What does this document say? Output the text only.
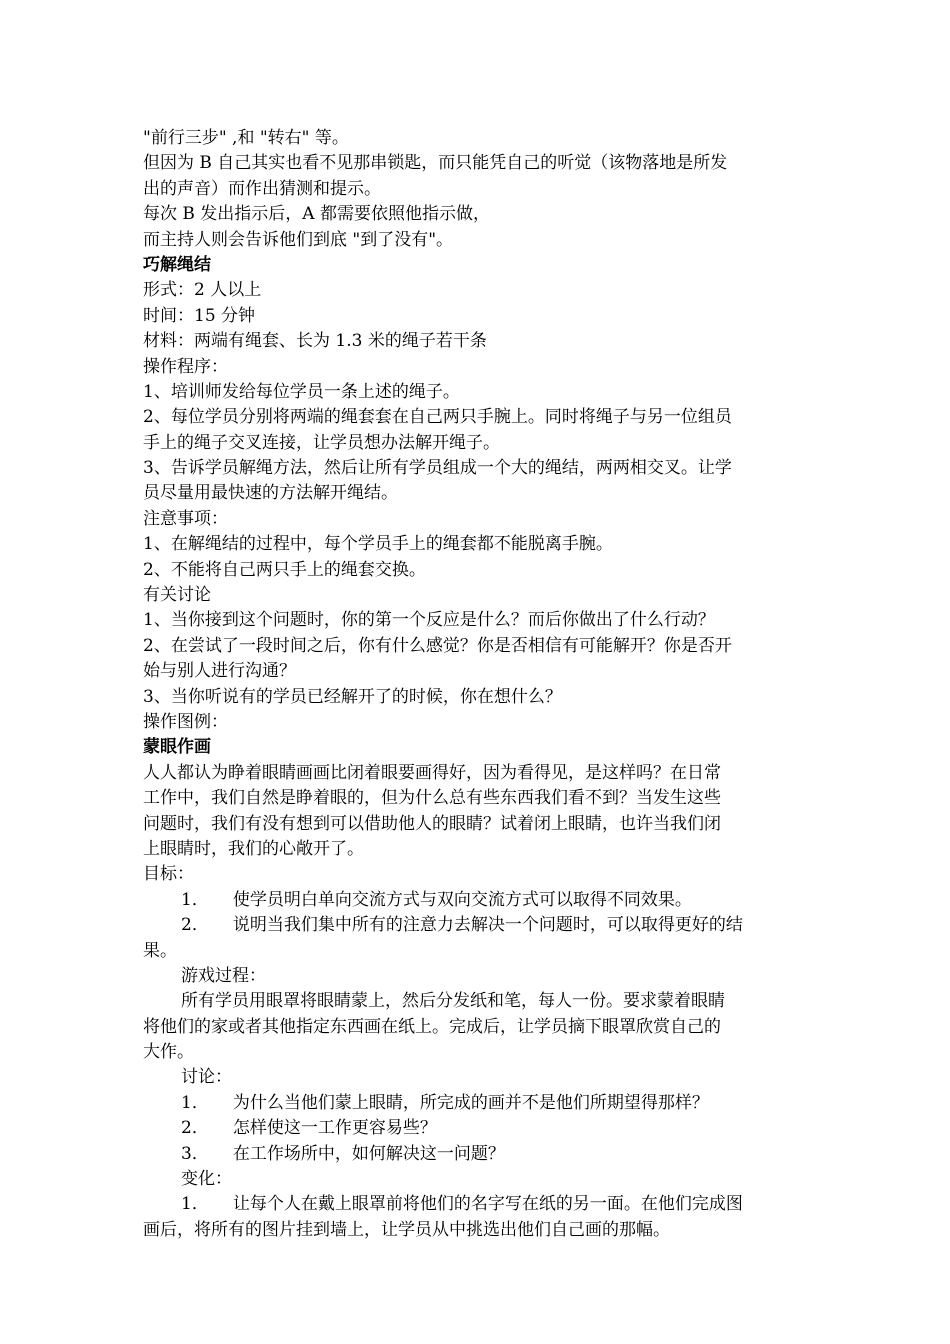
"前行三步" ,和 "转右" 等。
但因为 B 自己其实也看不见那串锁匙，而只能凭自己的听觉（该物落地是所发
出的声音）而作出猜测和提示。
每次 B 发出指示后，A 都需要依照他指示做，
而主持人则会告诉他们到底 "到了没有"。
巧解绳结
形式：2 人以上
时间：15 分钟
材料：两端有绳套、长为 1.3 米的绳子若干条
操作程序：
1、培训师发给每位学员一条上述的绳子。
2、每位学员分别将两端的绳套套在自己两只手腕上。同时将绳子与另一位组员
手上的绳子交叉连接，让学员想办法解开绳子。
3、告诉学员解绳方法，然后让所有学员组成一个大的绳结，两两相交叉。让学
员尽量用最快速的方法解开绳结。
注意事项：
1、在解绳结的过程中，每个学员手上的绳套都不能脱离手腕。
2、不能将自己两只手上的绳套交换。
有关讨论
1、当你接到这个问题时，你的第一个反应是什么？而后你做出了什么行动？
2、在尝试了一段时间之后，你有什么感觉？你是否相信有可能解开？你是否开
始与别人进行沟通？
3、当你听说有的学员已经解开了的时候，你在想什么？
操作图例：
蒙眼作画
人人都认为睁着眼睛画画比闭着眼要画得好，因为看得见，是这样吗？在日常
工作中，我们自然是睁着眼的，但为什么总有些东西我们看不到？当发生这些
问题时，我们有没有想到可以借助他人的眼睛？试着闭上眼睛，也许当我们闭
上眼睛时，我们的心敞开了。
目标：
1． 使学员明白单向交流方式与双向交流方式可以取得不同效果。
2． 说明当我们集中所有的注意力去解决一个问题时，可以取得更好的结
果。
游戏过程：
所有学员用眼罩将眼睛蒙上，然后分发纸和笔，每人一份。要求蒙着眼睛
将他们的家或者其他指定东西画在纸上。完成后，让学员摘下眼罩欣赏自己的
大作。
讨论：
1． 为什么当他们蒙上眼睛，所完成的画并不是他们所期望得那样？
2． 怎样使这一工作更容易些？
3． 在工作场所中，如何解决这一问题？
变化：
1． 让每个人在戴上眼罩前将他们的名字写在纸的另一面。在他们完成图
画后，将所有的图片挂到墙上，让学员从中挑选出他们自己画的那幅。
